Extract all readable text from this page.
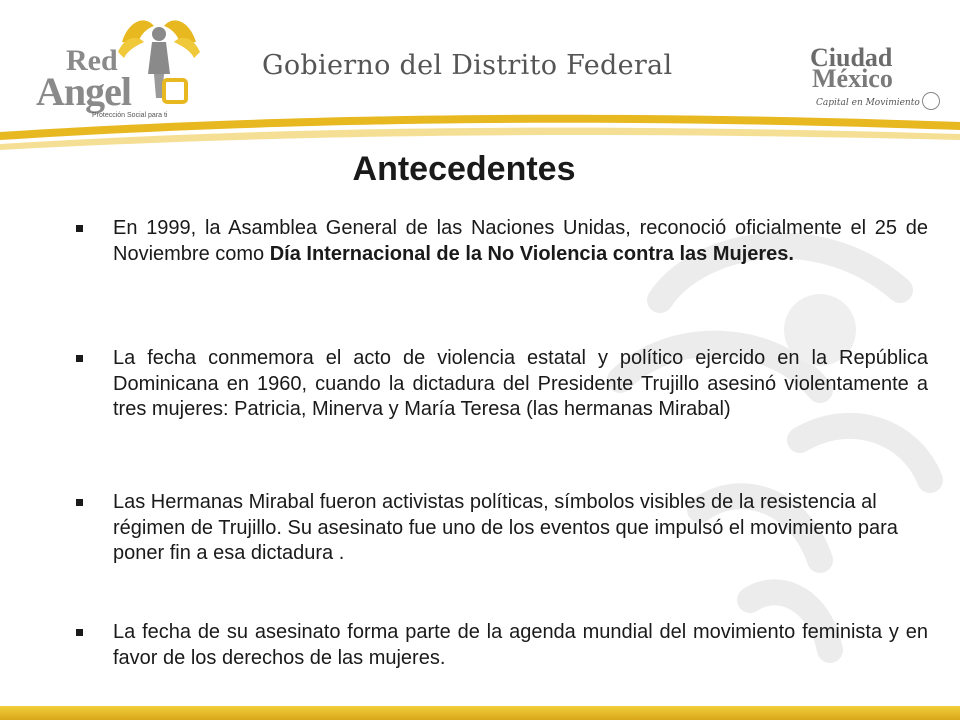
Red
Angel
Protección Social para ti
Gobierno del Distrito Federal	Ciudad
México
Capital en Movimiento
Antecedentes
En 1999, la Asamblea General de las Naciones Unidas, reconoció oficialmente el 25 de Noviembre como Día Internacional de la No Violencia contra las Mujeres.
La fecha conmemora el acto de violencia estatal y político ejercido en la República Dominicana en 1960, cuando la dictadura del Presidente Trujillo asesinó violentamente a tres mujeres: Patricia, Minerva y María Teresa (las hermanas Mirabal)
Las Hermanas Mirabal fueron activistas políticas, símbolos visibles de la resistencia al régimen de Trujillo. Su asesinato fue uno de los eventos que impulsó el movimiento para poner fin a esa dictadura .
La fecha de su asesinato forma parte de la agenda mundial del movimiento feminista y en favor de los derechos de las mujeres.
